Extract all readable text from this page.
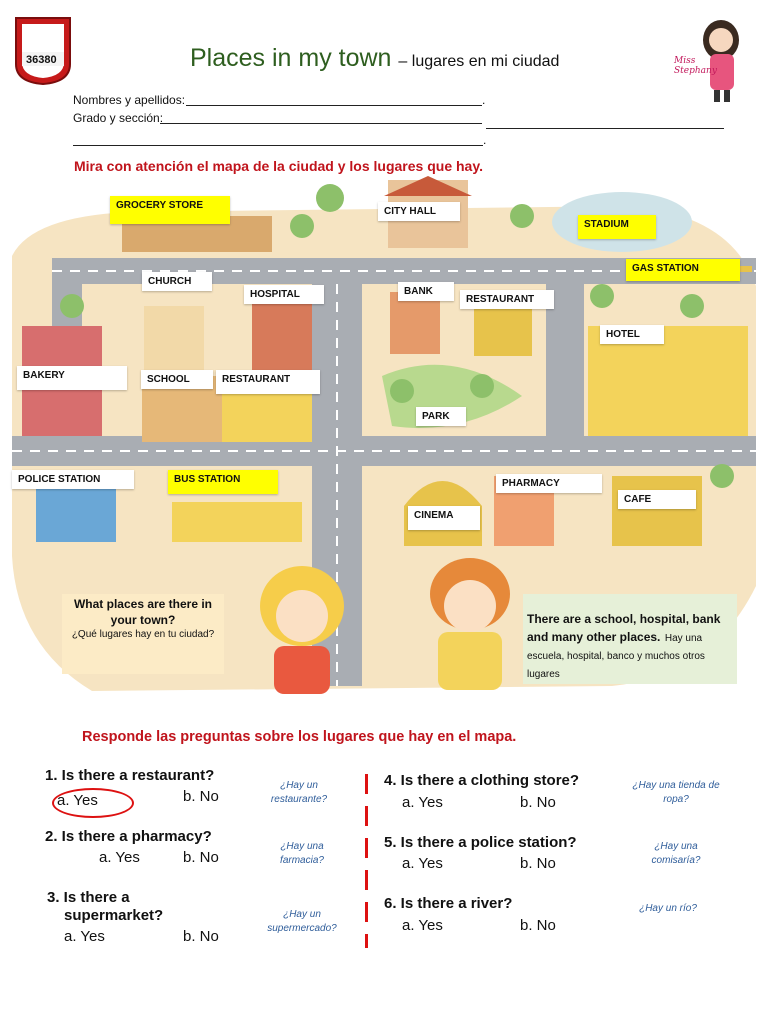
36380	Places in my town – lugares en mi ciudad	Miss Stephany
Nombres y apellidos:	.
Grado y sección:
.
Mira con atención el mapa de la ciudad y los lugares que hay.
GROCERY STORE
CITY HALL
STADIUM
GAS STATION
CHURCH
HOSPITAL	BANK
RESTAURANT
HOTEL
BAKERY	SCHOOL	RESTAURANT
PARK
POLICE STATION	BUS STATION	PHARMACY
CAFE
CINEMA
What places are there in your town?
¿Qué lugares hay en tu ciudad?
There are a school, hospital, bank and many other places. Hay una escuela, hospital, banco y muchos otros lugares
Responde las preguntas sobre los lugares que hay en el mapa.
1. Is there a restaurant?
a. Yes	b. No
¿Hay un restaurante?
2. Is there a pharmacy?
a. Yes	b. No
¿Hay una farmacia?
3. Is there a
supermarket?
a. Yes	b. No
¿Hay un supermercado?
4. Is there a clothing store?
a. Yes	b. No
¿Hay una tienda de ropa?
5. Is there a police station?
a. Yes	b. No
¿Hay una comisaría?
6. Is there a river?
a. Yes	b. No
¿Hay un río?
